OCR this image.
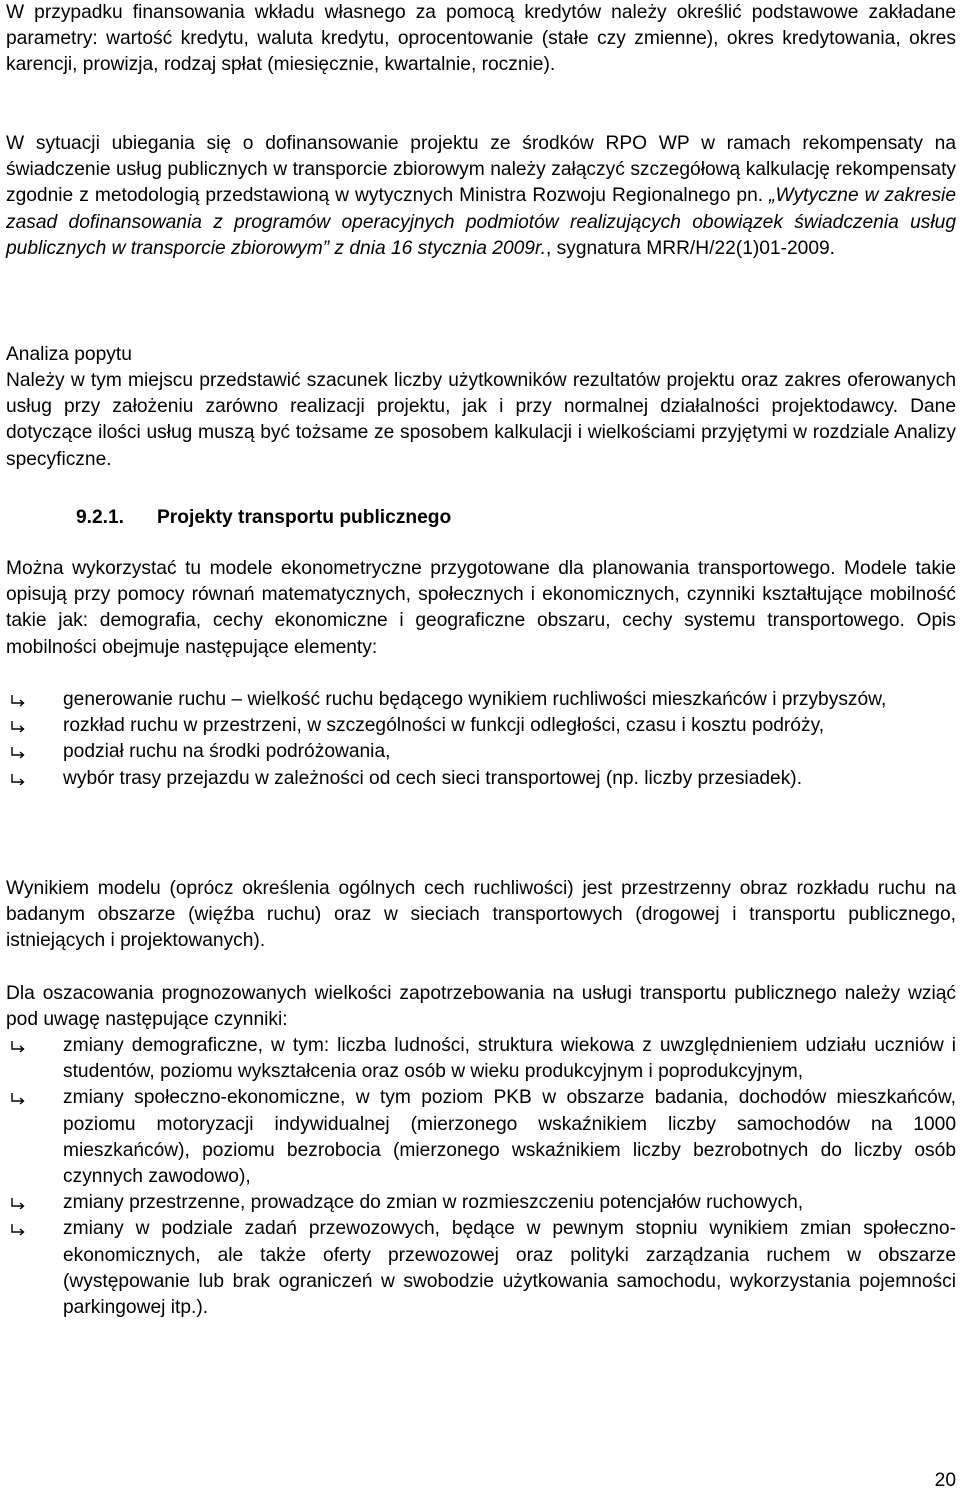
W przypadku finansowania wkładu własnego za pomocą kredytów należy określić podstawowe zakładane parametry: wartość kredytu, waluta kredytu, oprocentowanie (stałe czy zmienne), okres kredytowania, okres karencji, prowizja, rodzaj spłat (miesięcznie, kwartalnie, rocznie).

W sytuacji ubiegania się o dofinansowanie projektu ze środków RPO WP w ramach rekompensaty na świadczenie usług publicznych w transporcie zbiorowym należy załączyć szczegółową kalkulację rekompensaty zgodnie z metodologią przedstawioną w wytycznych Ministra Rozwoju Regionalnego pn. „Wytyczne w zakresie zasad dofinansowania z programów operacyjnych podmiotów realizujących obowiązek świadczenia usług publicznych w transporcie zbiorowym” z dnia 16 stycznia 2009r., sygnatura MRR/H/22(1)01-2009.

Analiza popytu

Należy w tym miejscu przedstawić szacunek liczby użytkowników rezultatów projektu oraz zakres oferowanych usług przy założeniu zarówno realizacji projektu, jak i przy normalnej działalności projektodawcy. Dane dotyczące ilości usług muszą być tożsame ze sposobem kalkulacji i wielkościami przyjętymi w rozdziale Analizy specyficzne.

9.2.1. Projekty transportu publicznego

Można wykorzystać tu modele ekonometryczne przygotowane dla planowania transportowego. Modele takie opisują przy pomocy równań matematycznych, społecznych i ekonomicznych, czynniki kształtujące mobilność takie jak: demografia, cechy ekonomiczne i geograficzne obszaru, cechy systemu transportowego. Opis mobilności obejmuje następujące elementy:

generowanie ruchu – wielkość ruchu będącego wynikiem ruchliwości mieszkańców i przybyszów,
rozkład ruchu w przestrzeni, w szczególności w funkcji odległości, czasu i kosztu podróży,
podział ruchu na środki podróżowania,
wybór trasy przejazdu w zależności od cech sieci transportowej (np. liczby przesiadek).

Wynikiem modelu (oprócz określenia ogólnych cech ruchliwości) jest przestrzenny obraz rozkładu ruchu na badanym obszarze (więźba ruchu) oraz w sieciach transportowych (drogowej i transportu publicznego, istniejących i projektowanych).

Dla oszacowania prognozowanych wielkości zapotrzebowania na usługi transportu publicznego należy wziąć pod uwagę następujące czynniki:

zmiany demograficzne, w tym: liczba ludności, struktura wiekowa z uwzględnieniem udziału uczniów i studentów, poziomu wykształcenia oraz osób w wieku produkcyjnym i poprodukcyjnym,
zmiany społeczno-ekonomiczne, w tym poziom PKB w obszarze badania, dochodów mieszkańców, poziomu motoryzacji indywidualnej (mierzonego wskaźnikiem liczby samochodów na 1000 mieszkańców), poziomu bezrobocia (mierzonego wskaźnikiem liczby bezrobotnych do liczby osób czynnych zawodowo),
zmiany przestrzenne, prowadzące do zmian w rozmieszczeniu potencjałów ruchowych,
zmiany w podziale zadań przewozowych, będące w pewnym stopniu wynikiem zmian społeczno-ekonomicznych, ale także oferty przewozowej oraz polityki zarządzania ruchem w obszarze (występowanie lub brak ograniczeń w swobodzie użytkowania samochodu, wykorzystania pojemności parkingowej itp.).
20
